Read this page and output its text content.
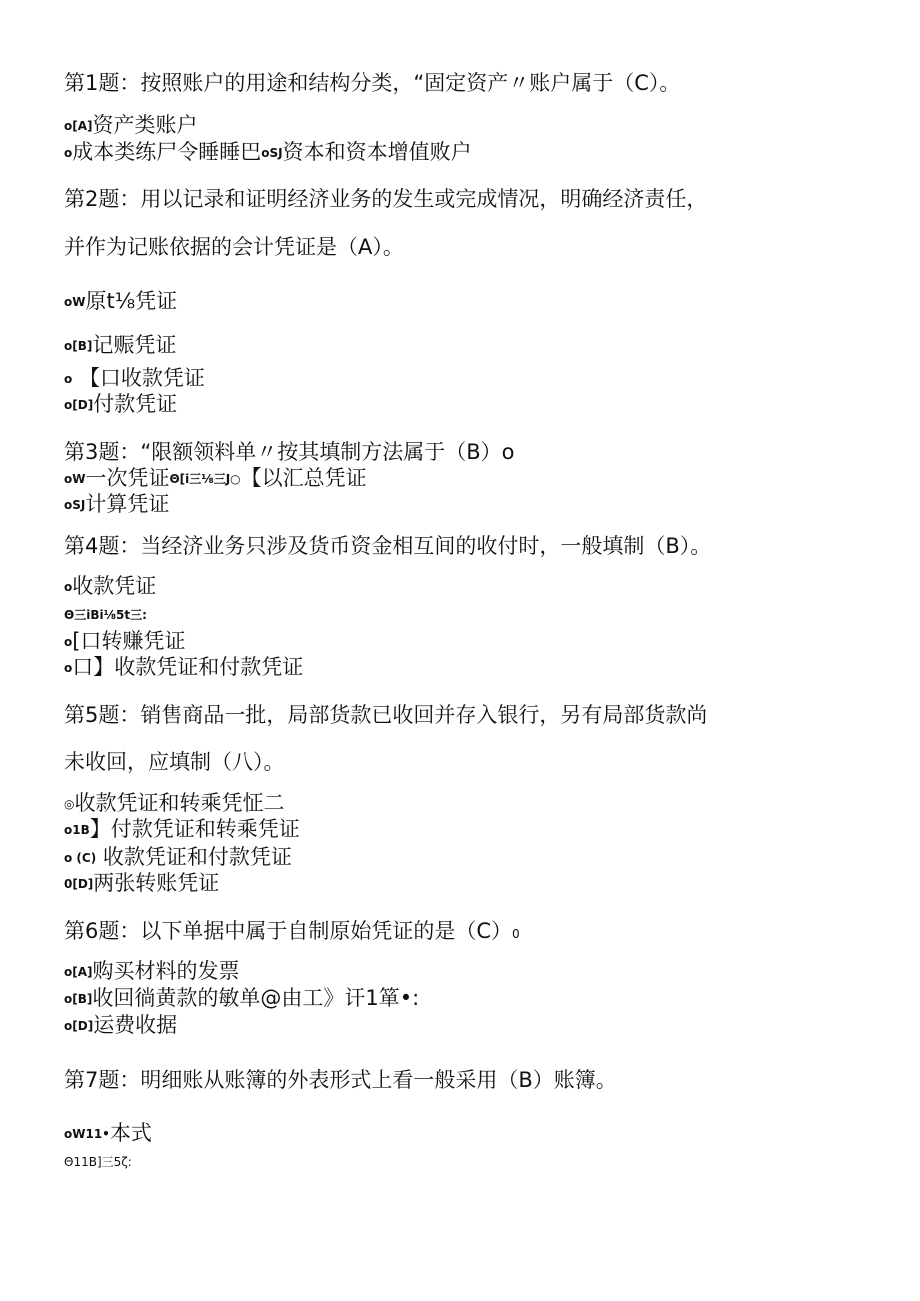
第1题：按照账户的用途和结构分类，“固定资产〃账户属于（C）。
o[A]资产类账户
o成本类练尸令睡睡巴oSJ资本和资本增值败户
第2题：用以记录和证明经济业务的发生或完成情况，明确经济责任，
并作为记账依据的会计凭证是（A）。
oW原t⅛凭证
o[B]记赈凭证
o 【口收款凭证
o[D]付款凭证
第3题：“限额领料单〃按其填制方法属于（B）o
oW一次凭证Θ[i三⅛三J○【以汇总凭证
oSJ计算凭证
第4题：当经济业务只涉及货币资金相互间的收付时，一般填制（B）。
o收款凭证
Θ三iBi⅛5t三:
o[口转赚凭证
o口】收款凭证和付款凭证
第5题：销售商品一批，局部货款已收回并存入银行，另有局部货款尚
未收回，应填制（八）。
◎收款凭证和转乘凭怔二
o1B】付款凭证和转乘凭证
o (C) 收款凭证和付款凭证
0[D]两张转账凭证
第6题：以下单据中属于自制原始凭证的是（C）0
o[A]购买材料的发票
o[B]收回徜黄款的敏单@由工》讦1箪•:
o[D]运费收据
第7题：明细账从账簿的外表形式上看一般采用（B）账簿。
oW11•本式
Θ11B]三5ζ:
